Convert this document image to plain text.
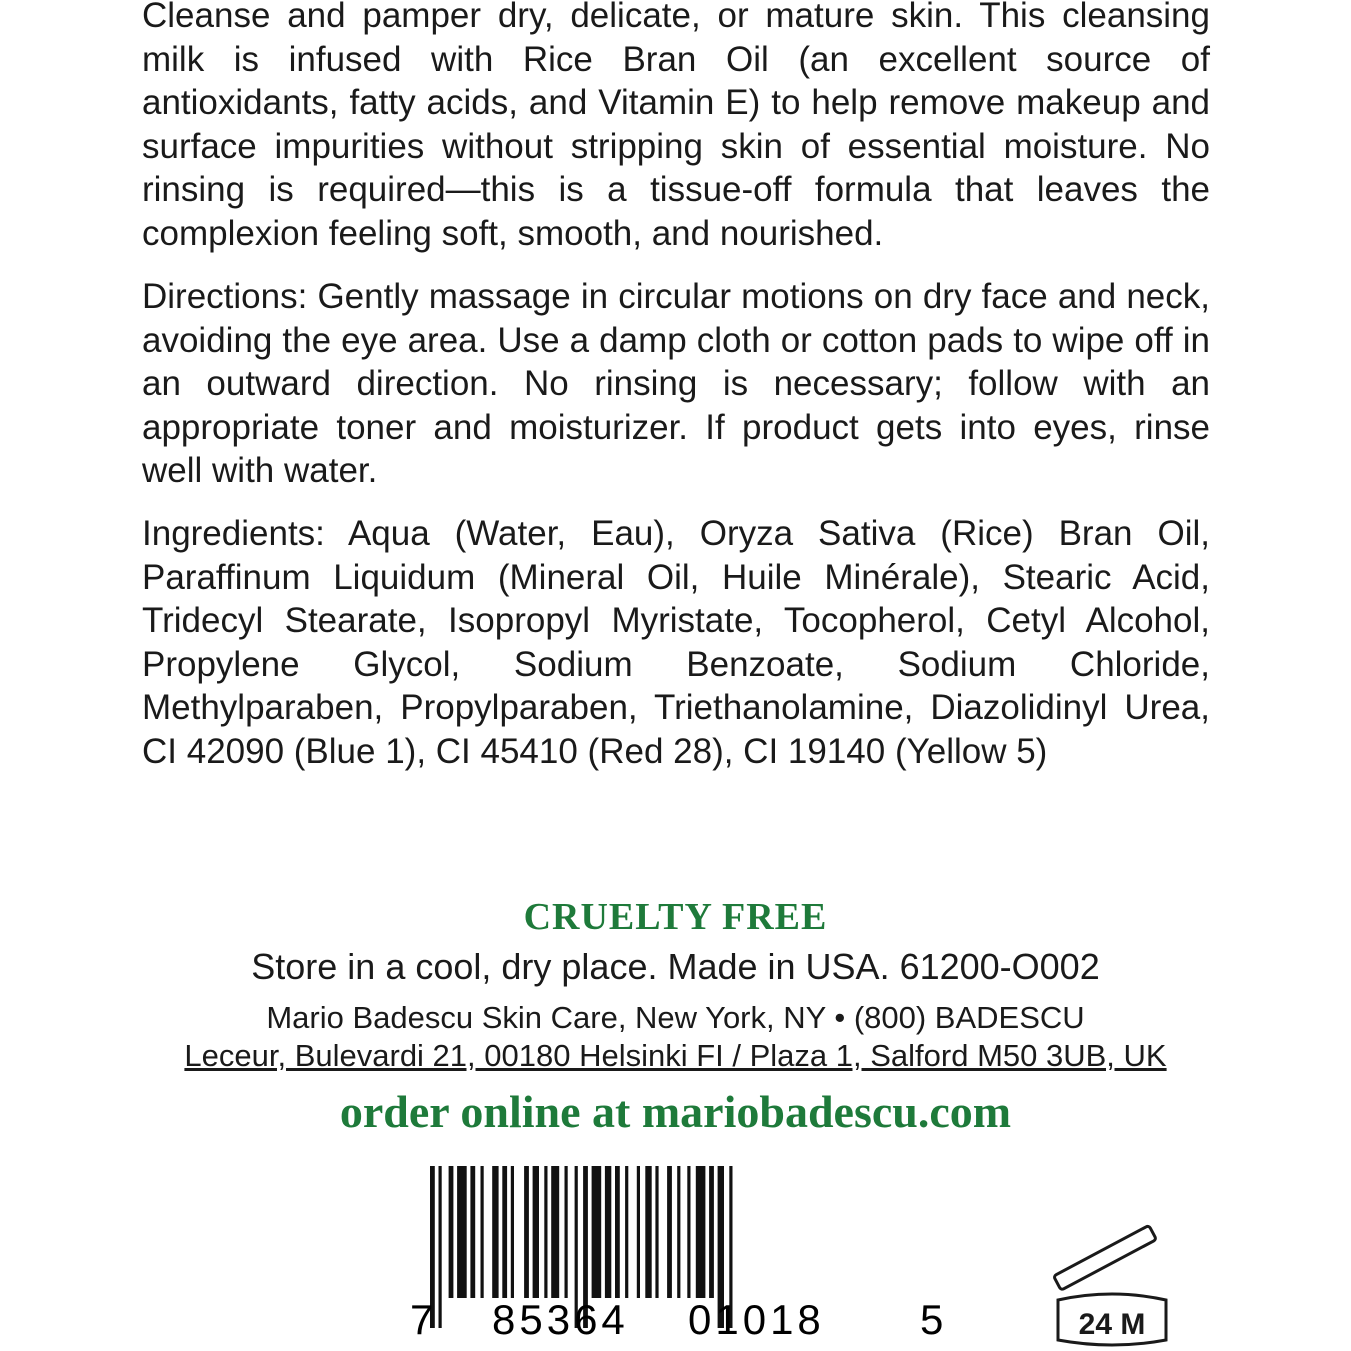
Cleanse and pamper dry, delicate, or mature skin. This cleansing milk is infused with Rice Bran Oil (an excellent source of antioxidants, fatty acids, and Vitamin E) to help remove makeup and surface impurities without stripping skin of essential moisture. No rinsing is required—this is a tissue-off formula that leaves the complexion feeling soft, smooth, and nourished.

Directions: Gently massage in circular motions on dry face and neck, avoiding the eye area. Use a damp cloth or cotton pads to wipe off in an outward direction. No rinsing is necessary; follow with an appropriate toner and moisturizer. If product gets into eyes, rinse well with water.

Ingredients: Aqua (Water, Eau), Oryza Sativa (Rice) Bran Oil, Paraffinum Liquidum (Mineral Oil, Huile Minérale), Stearic Acid, Tridecyl Stearate, Isopropyl Myristate, Tocopherol, Cetyl Alcohol, Propylene Glycol, Sodium Benzoate, Sodium Chloride, Methylparaben, Propylparaben, Triethanolamine, Diazolidinyl Urea, CI 42090 (Blue 1), CI 45410 (Red 28), CI 19140 (Yellow 5)

CRUELTY FREE

Store in a cool, dry place. Made in USA. 61200-O002

Mario Badescu Skin Care, New York, NY • (800) BADESCU

Leceur, Bulevardi 21, 00180 Helsinki FI / Plaza 1, Salford M50 3UB, UK

order online at mariobadescu.com

7 85364 01018 5	24 M
